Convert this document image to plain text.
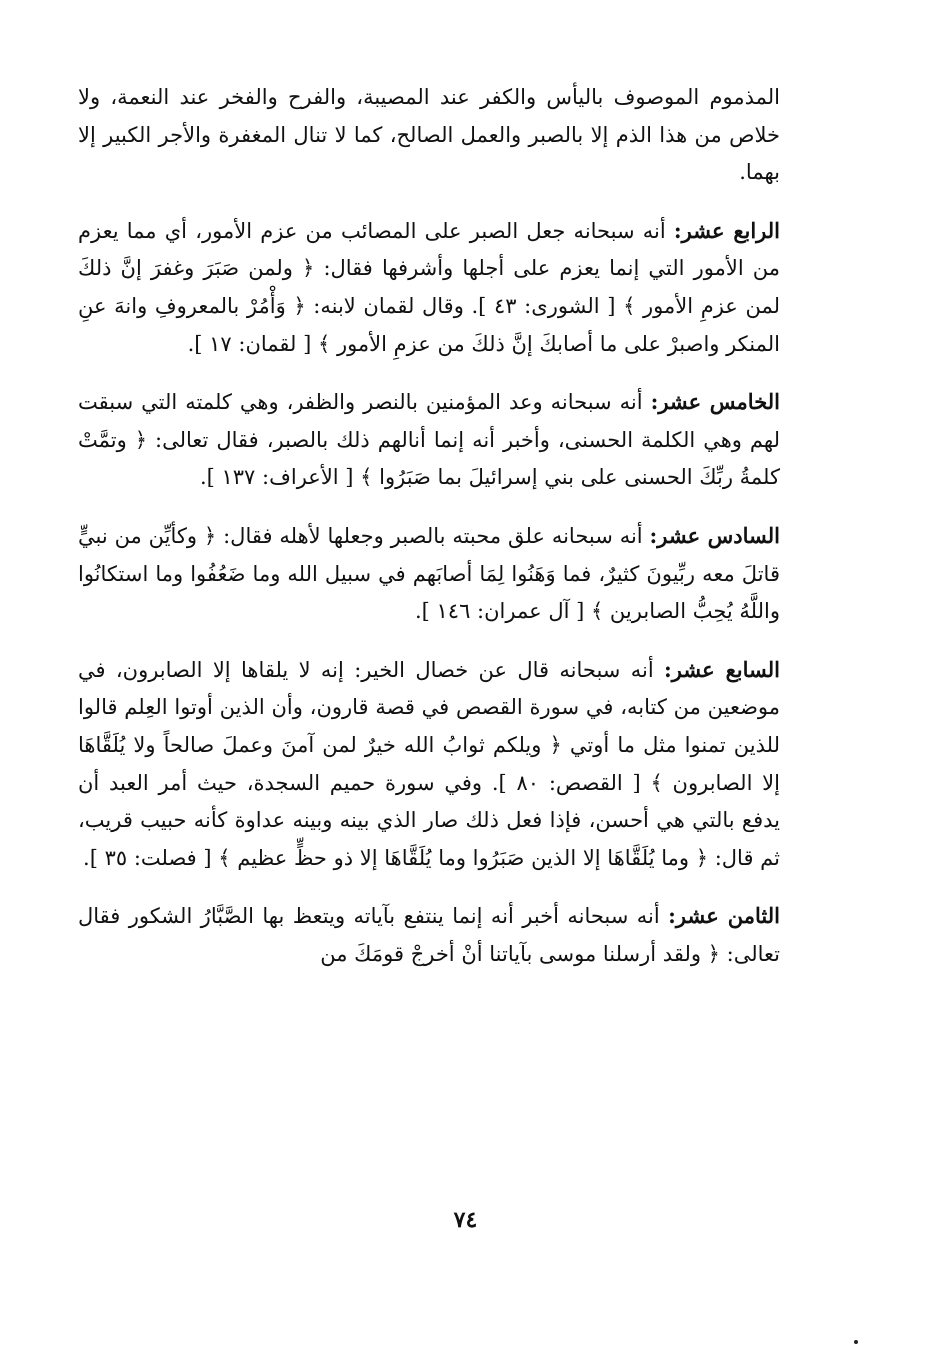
المذموم الموصوف باليأس والكفر عند المصيبة، والفرح والفخر عند النعمة، ولا خلاص من هذا الذم إلا بالصبر والعمل الصالح، كما لا تنال المغفرة والأجر الكبير إلا بهما.

الرابع عشر: أنه سبحانه جعل الصبر على المصائب من عزم الأمور، أي مما يعزم من الأمور التي إنما يعزم على أجلها وأشرفها فقال: ﴿ ولمن صَبَرَ وغفرَ إنَّ ذلكَ لمن عزمِ الأمور ﴾ [ الشورى: ٤٣ ]. وقال لقمان لابنه: ﴿ وَأْمُرْ بالمعروفِ وانهَ عنِ المنكر واصبرْ على ما أصابكَ إنَّ ذلكَ من عزمِ الأمور ﴾ [ لقمان: ١٧ ].

الخامس عشر: أنه سبحانه وعد المؤمنين بالنصر والظفر، وهي كلمته التي سبقت لهم وهي الكلمة الحسنى، وأخبر أنه إنما أنالهم ذلك بالصبر، فقال تعالى: ﴿ وتمَّتْ كلمةُ ربِّكَ الحسنى على بني إسرائيلَ بما صَبَرُوا ﴾ [ الأعراف: ١٣٧ ].

السادس عشر: أنه سبحانه علق محبته بالصبر وجعلها لأهله فقال: ﴿ وكأيِّن من نبيٍّ قاتلَ معه ربِّيونَ كثيرٌ، فما وَهَنُوا لِمَا أصابَهم في سبيل الله وما ضَعُفُوا وما استكانُوا واللَّهُ يُحِبُّ الصابرين ﴾ [ آل عمران: ١٤٦ ].

السابع عشر: أنه سبحانه قال عن خصال الخير: إنه لا يلقاها إلا الصابرون، في موضعين من كتابه، في سورة القصص في قصة قارون، وأن الذين أوتوا العِلم قالوا للذين تمنوا مثل ما أوتي ﴿ ويلكم ثوابُ الله خيرٌ لمن آمنَ وعملَ صالحاً ولا يُلَقَّاهَا إلا الصابرون ﴾ [ القصص: ٨٠ ]. وفي سورة حميم السجدة، حيث أمر العبد أن يدفع بالتي هي أحسن، فإذا فعل ذلك صار الذي بينه وبينه عداوة كأنه حبيب قريب، ثم قال: ﴿ وما يُلَقَّاهَا إلا الذين صَبَرُوا وما يُلَقَّاهَا إلا ذو حظٍّ عظيم ﴾ [ فصلت: ٣٥ ].

الثامن عشر: أنه سبحانه أخبر أنه إنما ينتفع بآياته ويتعظ بها الصَّبَّارُ الشكور فقال تعالى: ﴿ ولقد أرسلنا موسى بآياتنا أنْ أخرجْ قومَكَ من

٧٤
